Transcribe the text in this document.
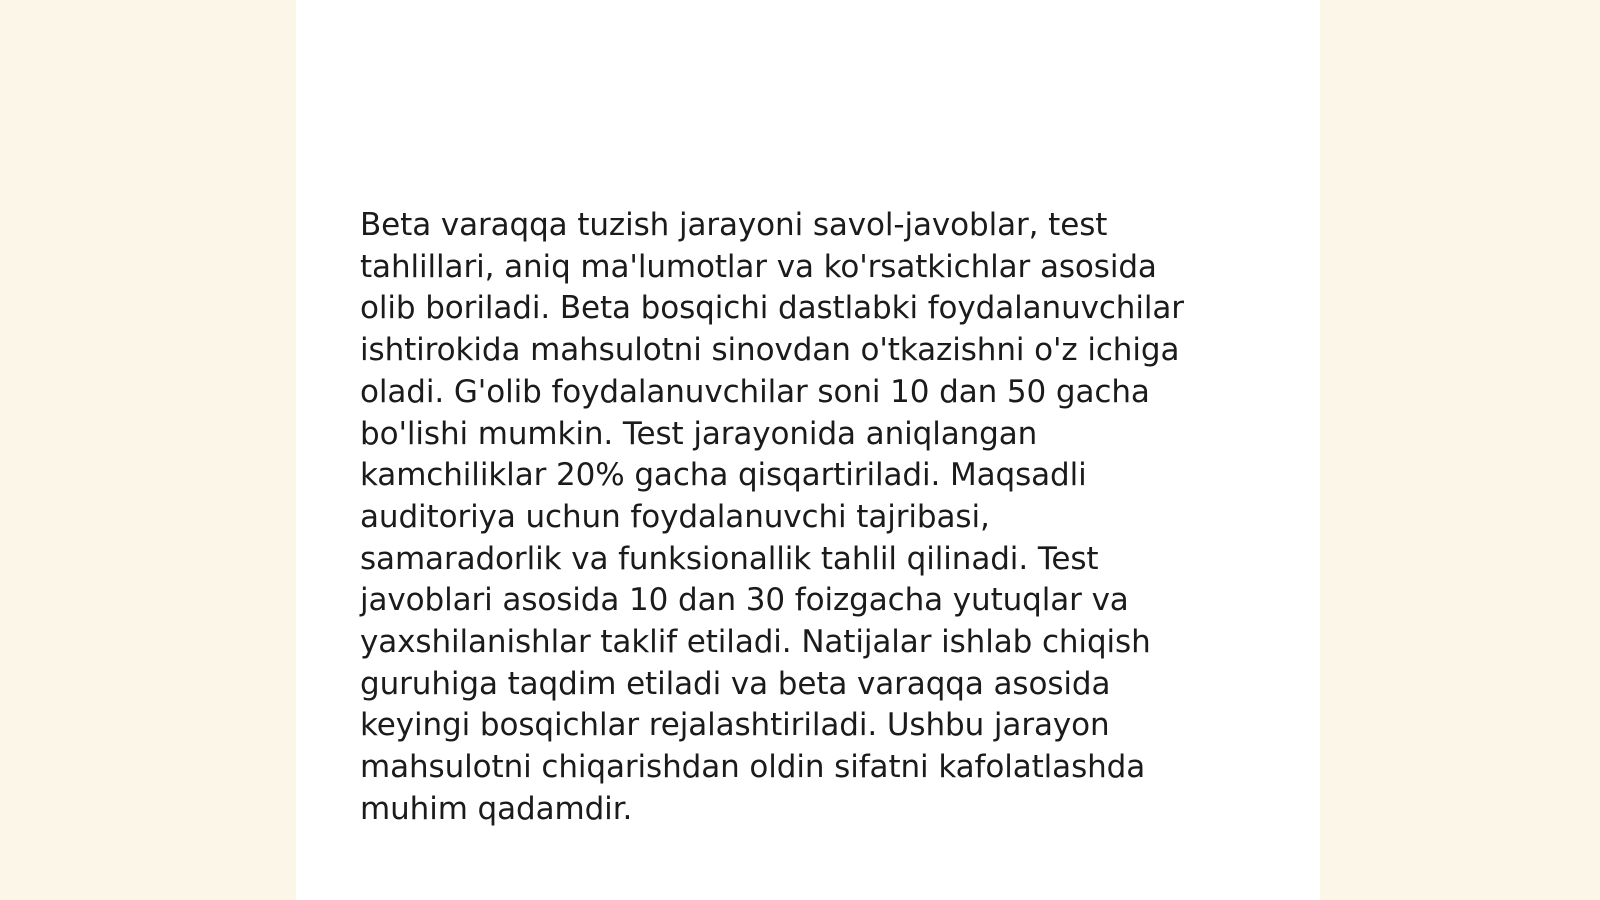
Beta varaqqa tuzish jarayoni savol-javoblar, test
tahlillari, aniq ma'lumotlar va ko'rsatkichlar asosida
olib boriladi. Beta bosqichi dastlabki foydalanuvchilar
ishtirokida mahsulotni sinovdan o'tkazishni o'z ichiga
oladi. G'olib foydalanuvchilar soni 10 dan 50 gacha
bo'lishi mumkin. Test jarayonida aniqlangan
kamchiliklar 20% gacha qisqartiriladi. Maqsadli
auditoriya uchun foydalanuvchi tajribasi,
samaradorlik va funksionallik tahlil qilinadi. Test
javoblari asosida 10 dan 30 foizgacha yutuqlar va
yaxshilanishlar taklif etiladi. Natijalar ishlab chiqish
guruhiga taqdim etiladi va beta varaqqa asosida
keyingi bosqichlar rejalashtiriladi. Ushbu jarayon
mahsulotni chiqarishdan oldin sifatni kafolatlashda
muhim qadamdir.
